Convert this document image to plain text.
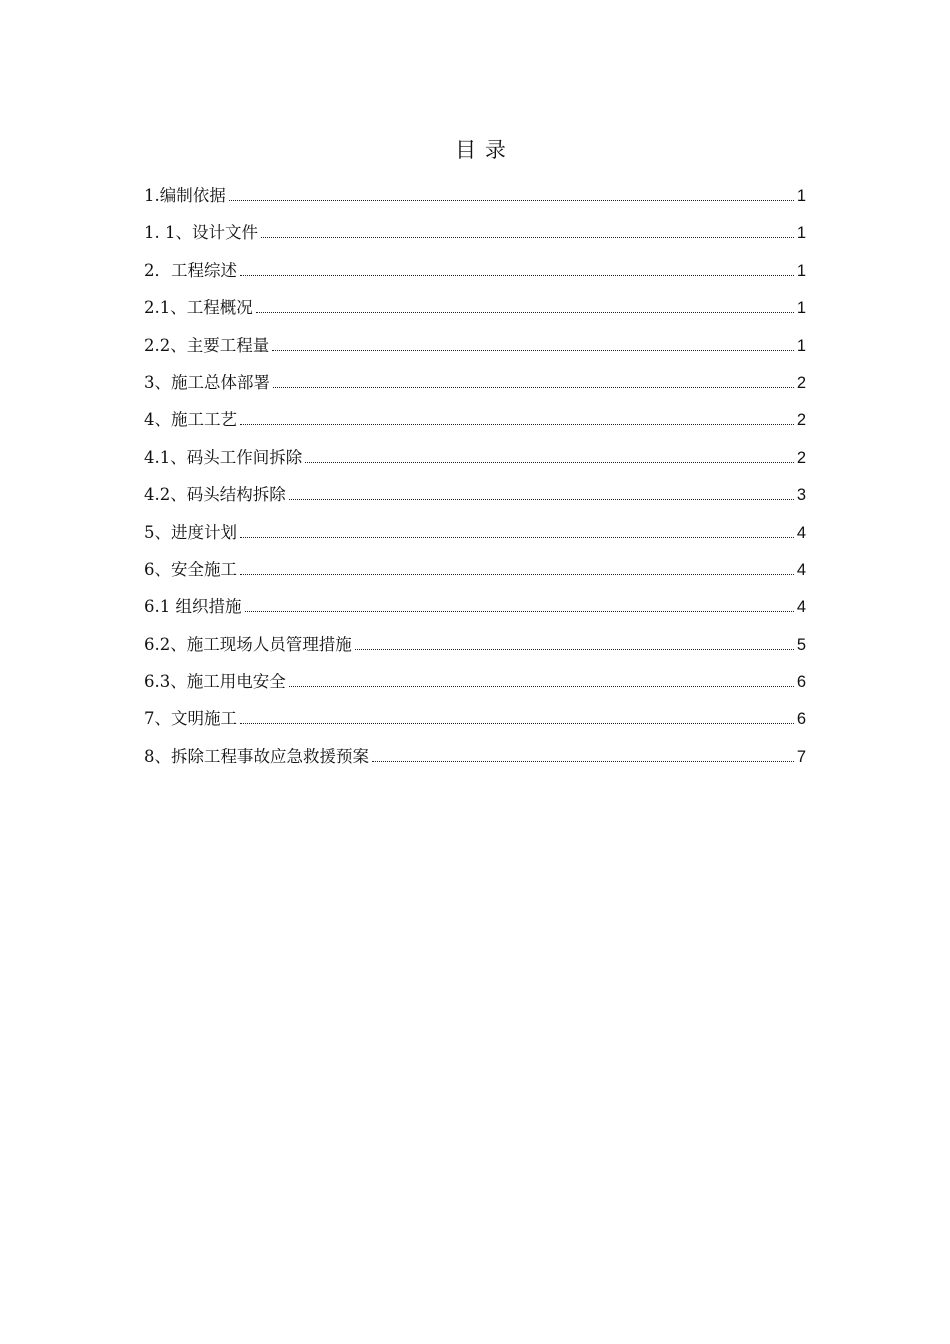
目 录
1.编制依据	1
1. 1、设计文件	1
2．工程综述	1
2.1、工程概况	1
2.2、主要工程量	1
3、施工总体部署	2
4、施工工艺	2
4.1、码头工作间拆除	2
4.2、码头结构拆除	3
5、进度计划	4
6、安全施工	4
6.1 组织措施	4
6.2、施工现场人员管理措施	5
6.3、施工用电安全	6
7、文明施工	6
8、拆除工程事故应急救援预案	7
